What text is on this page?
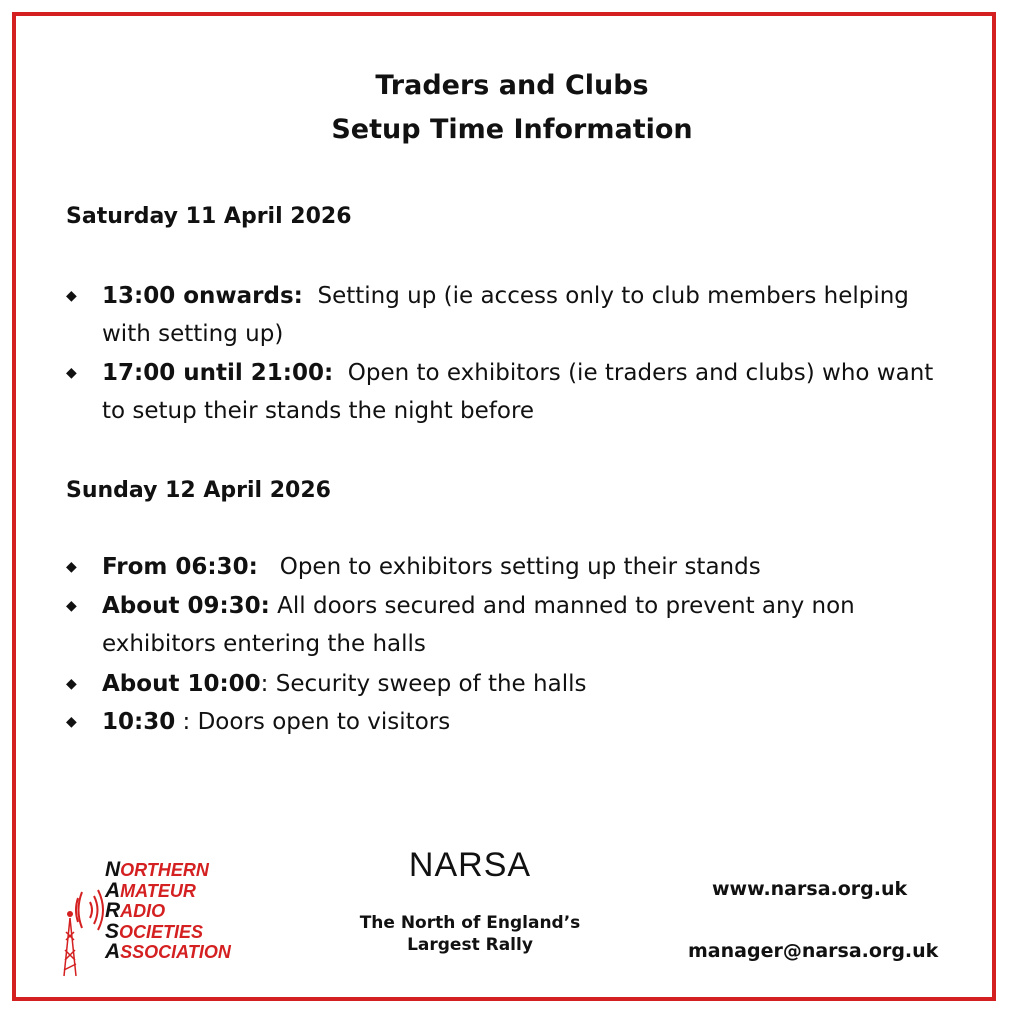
Traders and Clubs
Setup Time Information
Saturday 11 April 2026
◆	13:00 onwards: Setting up (ie access only to club members helping with setting up)
◆	17:00 until 21:00: Open to exhibitors (ie traders and clubs) who want to setup their stands the night before
Sunday 12 April 2026
◆	From 06:30: Open to exhibitors setting up their stands
◆	About 09:30: All doors secured and manned to prevent any non exhibitors entering the halls
◆	About 10:00: Security sweep of the halls
◆	10:30 : Doors open to visitors
NORTHERN
AMATEUR
RADIO
SOCIETIES
ASSOCIATION
NARSA
The North of England’s
Largest Rally
www.narsa.org.uk
manager@narsa.org.uk
